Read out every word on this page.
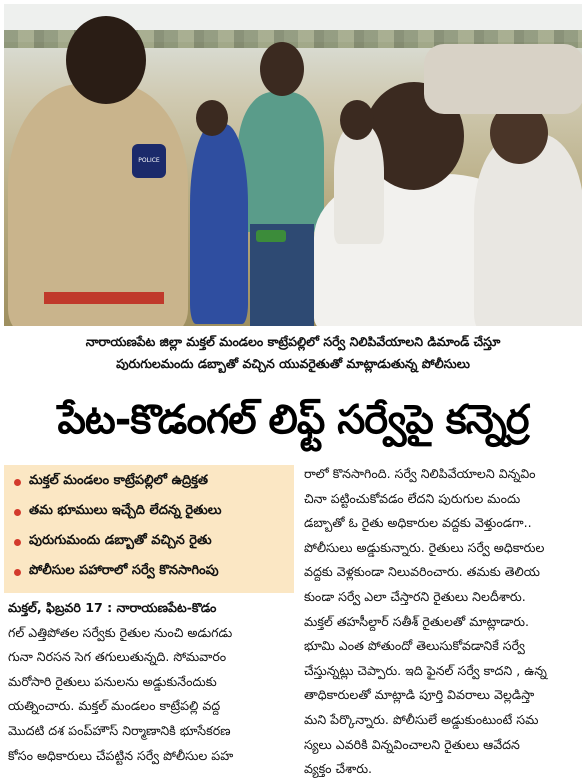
POLICE
నారాయణపేట జిల్లా మక్తల్ మండలం కాట్రేపల్లిలో సర్వే నిలిపివేయాలని డిమాండ్ చేస్తూ
పురుగులమందు డబ్బాతో వచ్చిన యువరైతుతో మాట్లాడుతున్న పోలీసులు
పేట-కొడంగల్ లిఫ్ట్ సర్వేపై కన్నెర్ర
మక్తల్ మండలం కాట్రేపల్లిలో ఉద్రిక్తత
తమ భూములు ఇచ్చేది లేదన్న రైతులు
పురుగుమందు డబ్బాతో వచ్చిన రైతు
పోలీసుల పహారాలో సర్వే కొనసాగింపు

మక్తల్, ఫిబ్రవరి 17 : నారాయణపేట-కొడం

గల్ ఎత్తిపోతల సర్వేకు రైతుల నుంచి అడుగడు

గునా నిరసన సెగ తగులుతున్నది. సోమవారం

మరోసారి రైతులు పనులను అడ్డుకునేందుకు

యత్నించారు. మక్తల్ మండలం కాట్రేపల్లి వద్ద

మొదటి దశ పంప్‌హౌస్ నిర్మాణానికి భూసేకరణ

కోసం అధికారులు చేపట్టిన సర్వే పోలీసుల పహ

రాలో కొనసాగింది. సర్వే నిలిపివేయాలని విన్నవిం

చినా పట్టించుకోవడం లేదని పురుగుల మందు

డబ్బాతో ఓ రైతు అధికారుల వద్దకు వెళ్తుండగా..

పోలీసులు అడ్డుకున్నారు. రైతులు సర్వే అధికారుల

వద్దకు వెళ్లకుండా నిలువరించారు. తమకు తెలియ

కుండా సర్వే ఎలా చేస్తారని రైతులు నిలదీశారు.

మక్తల్ తహసీల్దార్ సతీశ్ రైతులతో మాట్లాడారు.

భూమి ఎంత పోతుందో తెలుసుకోవడానికే సర్వే

చేస్తున్నట్లు చెప్పారు. ఇది ఫైనల్ సర్వే కాదని , ఉన్న

తాధికారులతో మాట్లాడి పూర్తి వివరాలు వెల్లడిస్తా

మని పేర్కొన్నారు. పోలీసులే అడ్డుకుంటుంటే సమ

స్యలు ఎవరికి విన్నవించాలని రైతులు ఆవేదన

వ్యక్తం చేశారు.
